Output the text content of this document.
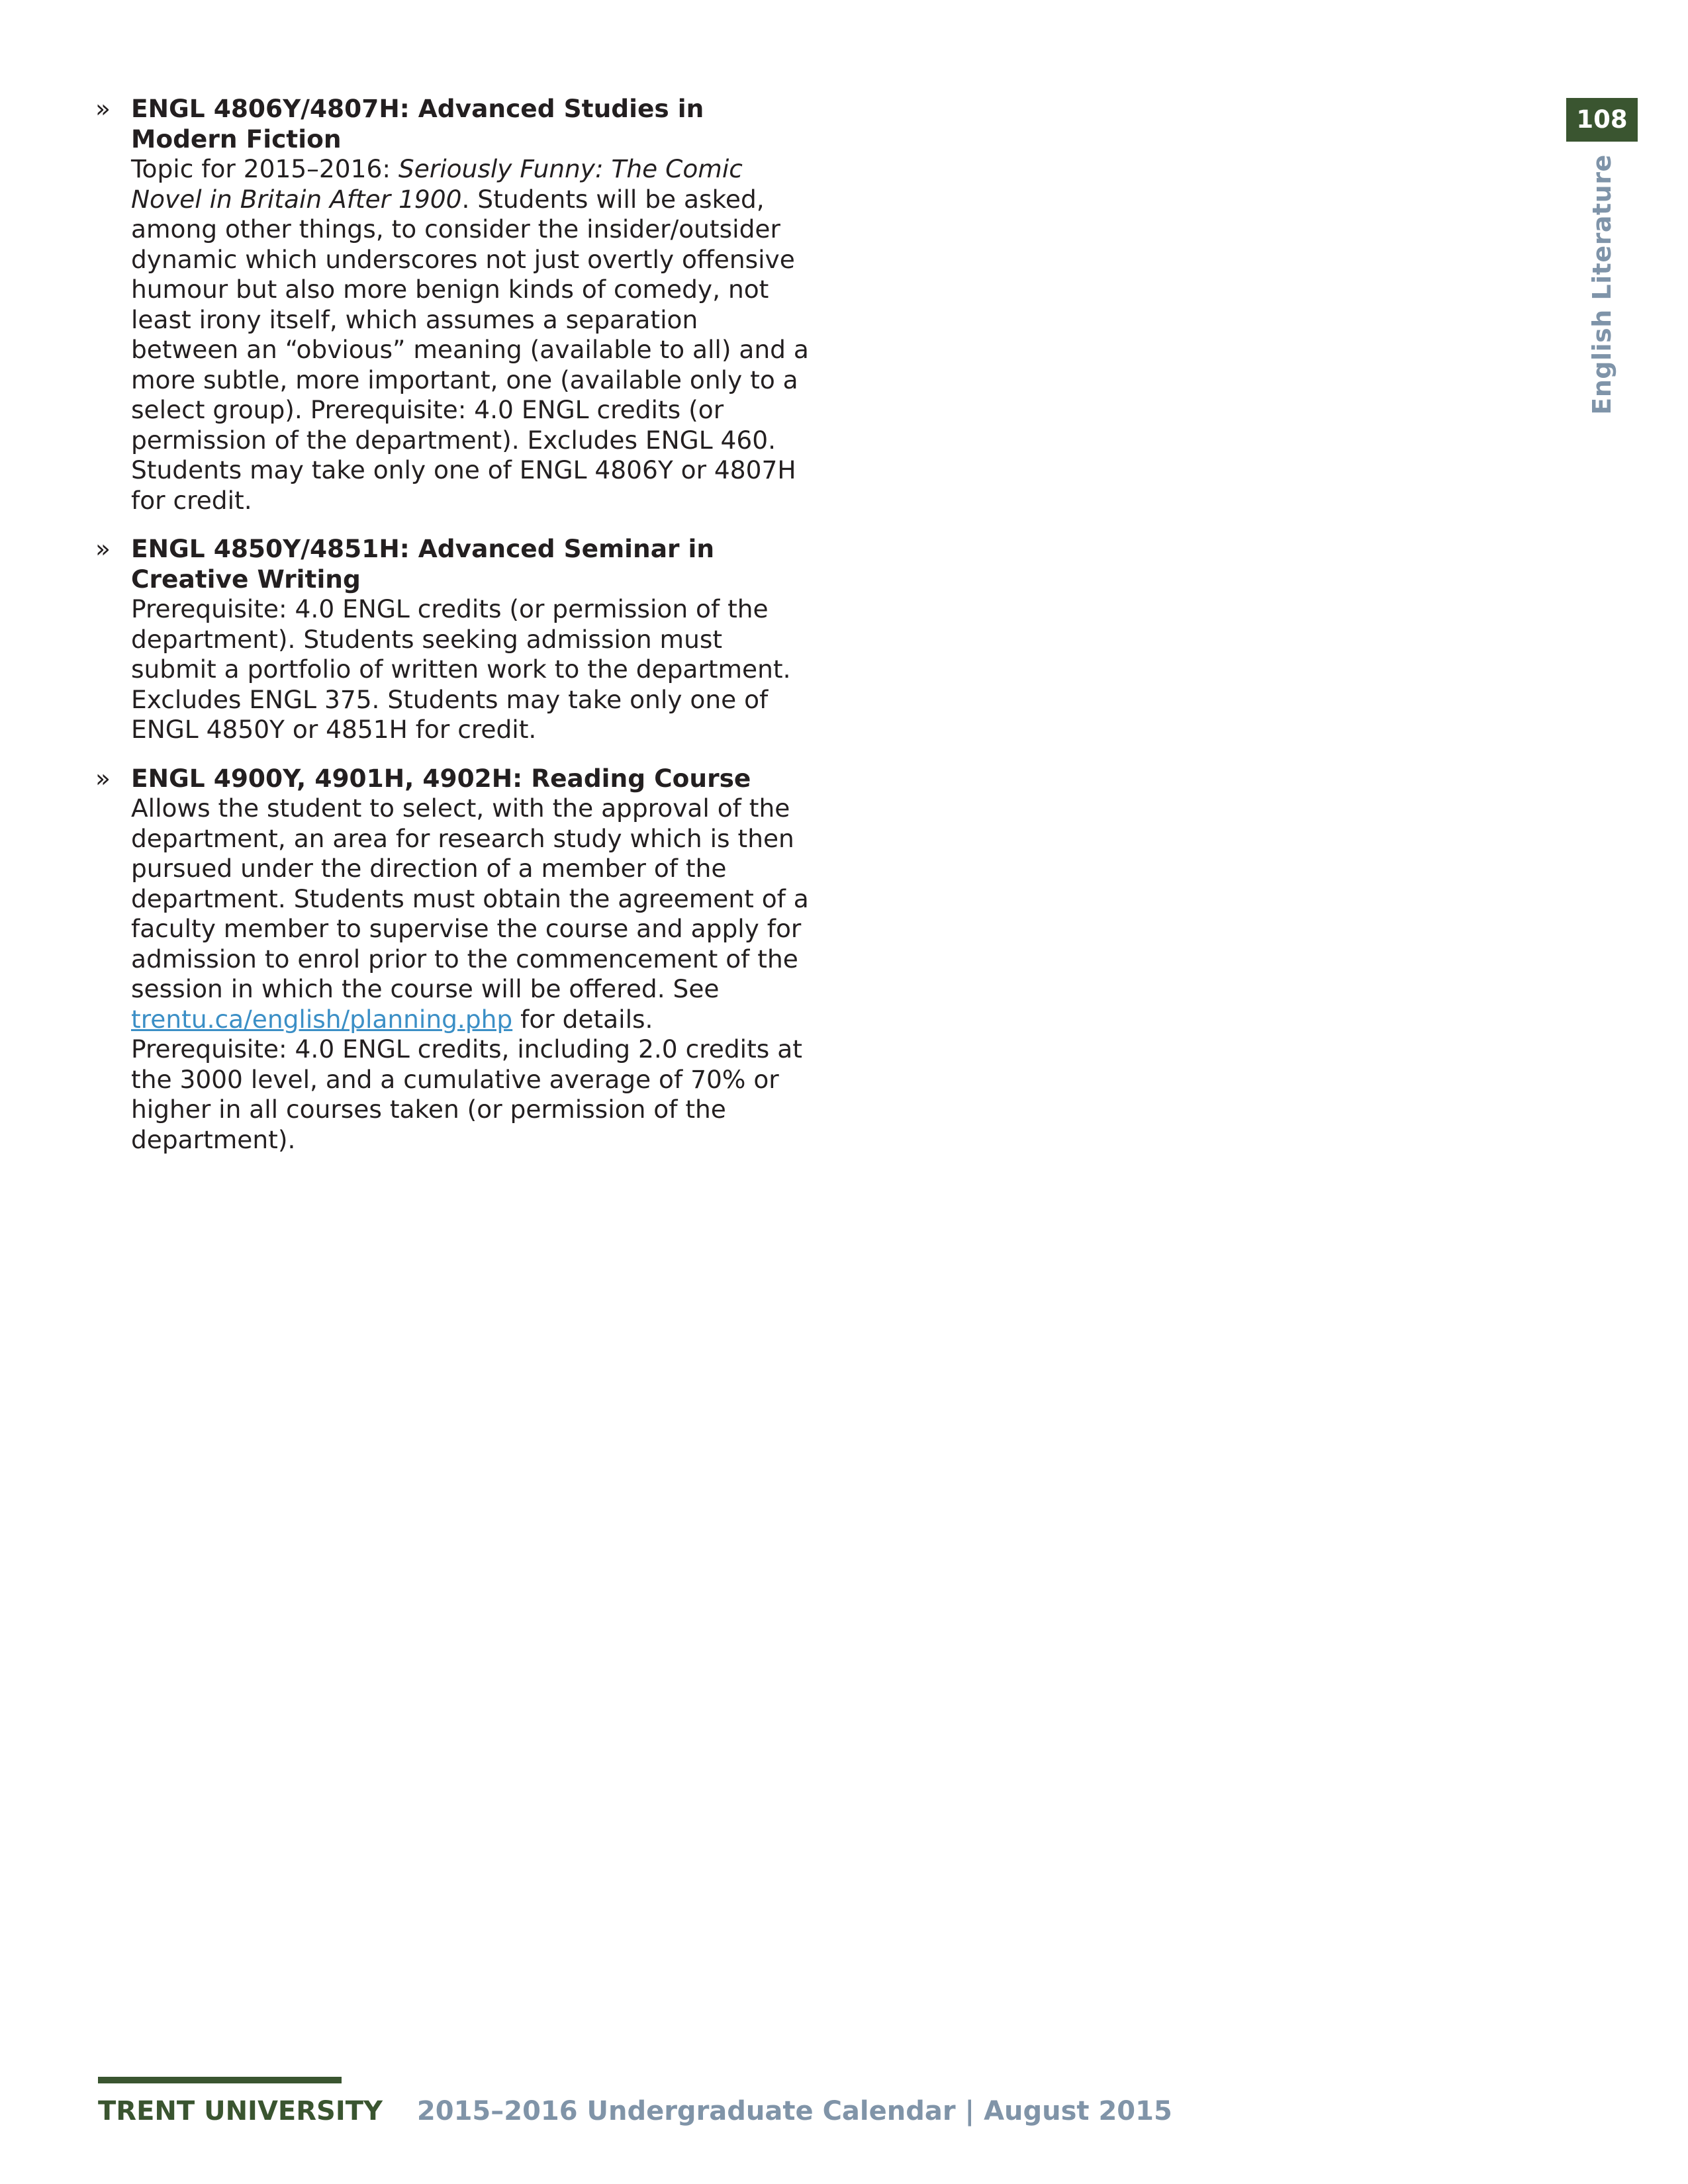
» ENGL 4806Y/4807H: Advanced Studies in Modern Fiction
Topic for 2015–2016: Seriously Funny: The Comic Novel in Britain After 1900. Students will be asked, among other things, to consider the insider/outsider dynamic which underscores not just overtly offensive humour but also more benign kinds of comedy, not least irony itself, which assumes a separation between an “obvious” meaning (available to all) and a more subtle, more important, one (available only to a select group). Prerequisite: 4.0 ENGL credits (or permission of the department). Excludes ENGL 460. Students may take only one of ENGL 4806Y or 4807H for credit.
» ENGL 4850Y/4851H: Advanced Seminar in Creative Writing
Prerequisite: 4.0 ENGL credits (or permission of the department). Students seeking admission must submit a portfolio of written work to the department. Excludes ENGL 375. Students may take only one of ENGL 4850Y or 4851H for credit.
» ENGL 4900Y, 4901H, 4902H: Reading Course
Allows the student to select, with the approval of the department, an area for research study which is then pursued under the direction of a member of the department. Students must obtain the agreement of a faculty member to supervise the course and apply for admission to enrol prior to the commencement of the session in which the course will be offered. See trentu.ca/english/planning.php for details. Prerequisite: 4.0 ENGL credits, including 2.0 credits at the 3000 level, and a cumulative average of 70% or higher in all courses taken (or permission of the department).
108
English Literature
TRENT UNIVERSITY 2015–2016 Undergraduate Calendar | August 2015
